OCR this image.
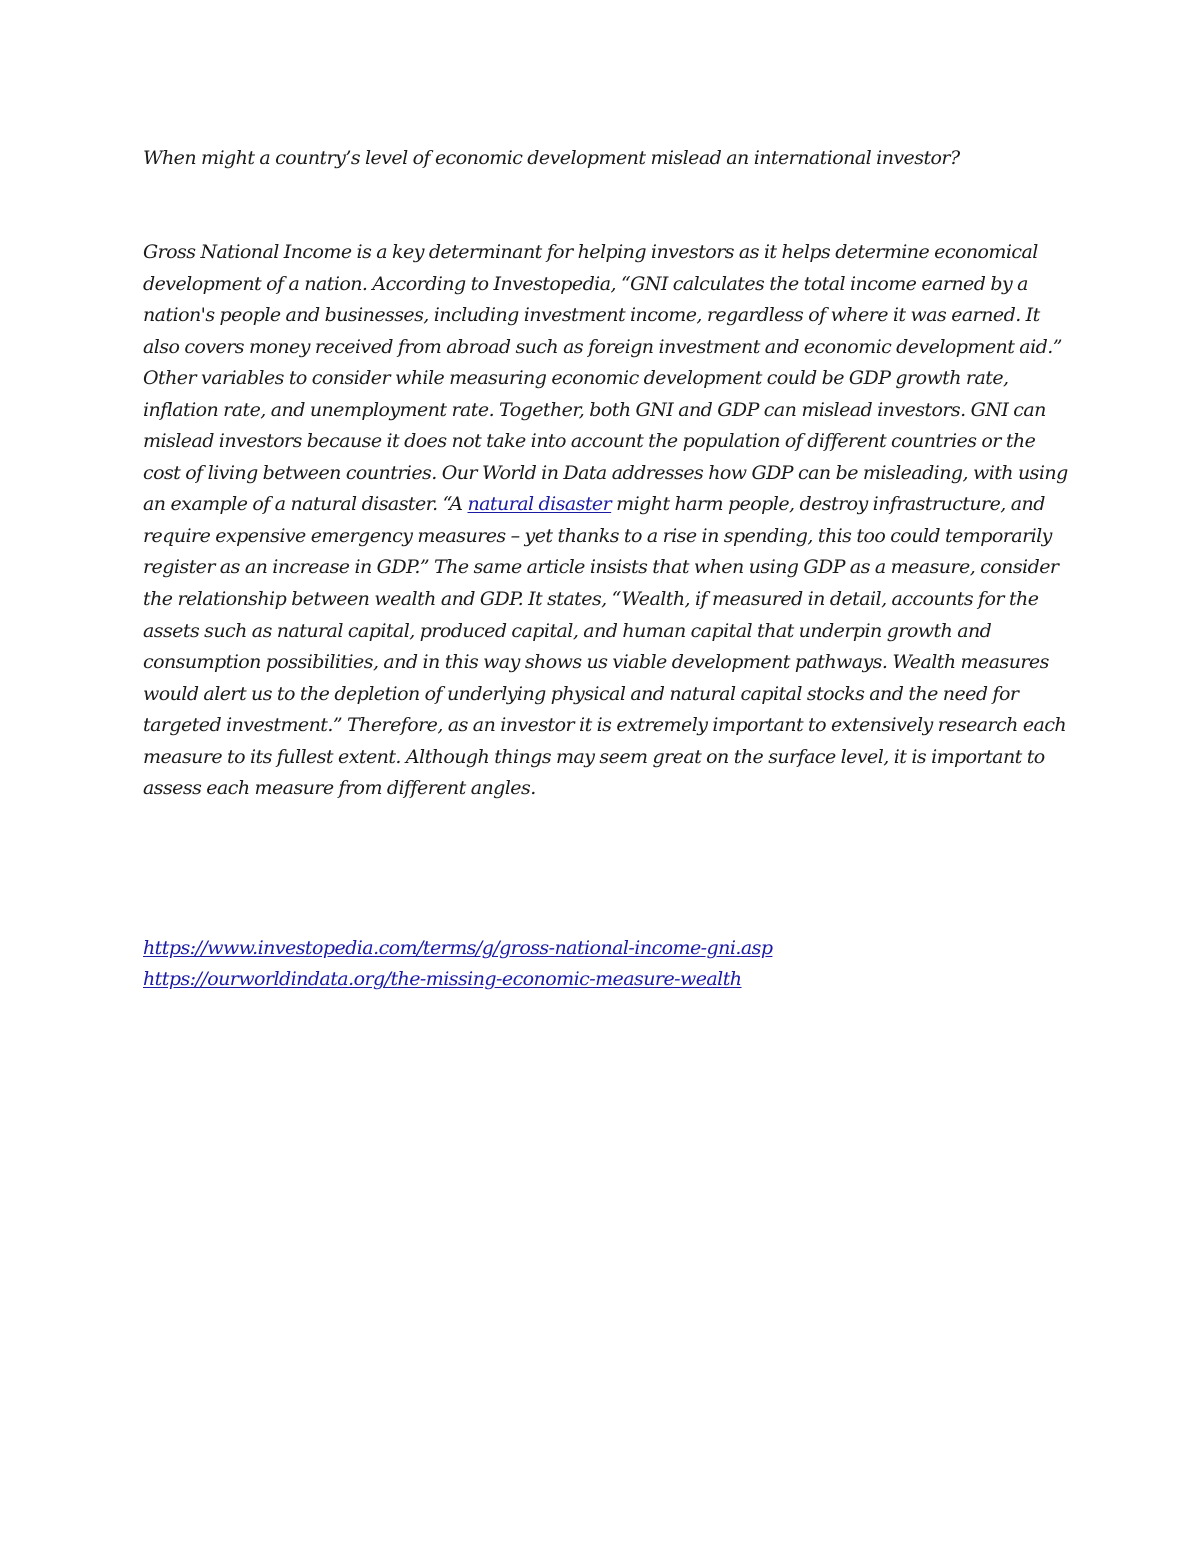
When might a country’s level of economic development mislead an international investor?

Gross National Income is a key determinant for helping investors as it helps determine economical development of a nation. According to Investopedia, “GNI calculates the total income earned by a nation's people and businesses, including investment income, regardless of where it was earned. It also covers money received from abroad such as foreign investment and economic development aid.” Other variables to consider while measuring economic development could be GDP growth rate, inflation rate, and unemployment rate. Together, both GNI and GDP can mislead investors. GNI can mislead investors because it does not take into account the population of different countries or the cost of living between countries. Our World in Data addresses how GDP can be misleading, with using an example of a natural disaster. “A natural disaster might harm people, destroy infrastructure, and require expensive emergency measures – yet thanks to a rise in spending, this too could temporarily register as an increase in GDP.” The same article insists that when using GDP as a measure, consider the relationship between wealth and GDP. It states, “Wealth, if measured in detail, accounts for the assets such as natural capital, produced capital, and human capital that underpin growth and consumption possibilities, and in this way shows us viable development pathways. Wealth measures would alert us to the depletion of underlying physical and natural capital stocks and the need for targeted investment.” Therefore, as an investor it is extremely important to extensively research each measure to its fullest extent. Although things may seem great on the surface level, it is important to assess each measure from different angles.

https://www.investopedia.com/terms/g/gross-national-income-gni.asp
https://ourworldindata.org/the-missing-economic-measure-wealth
